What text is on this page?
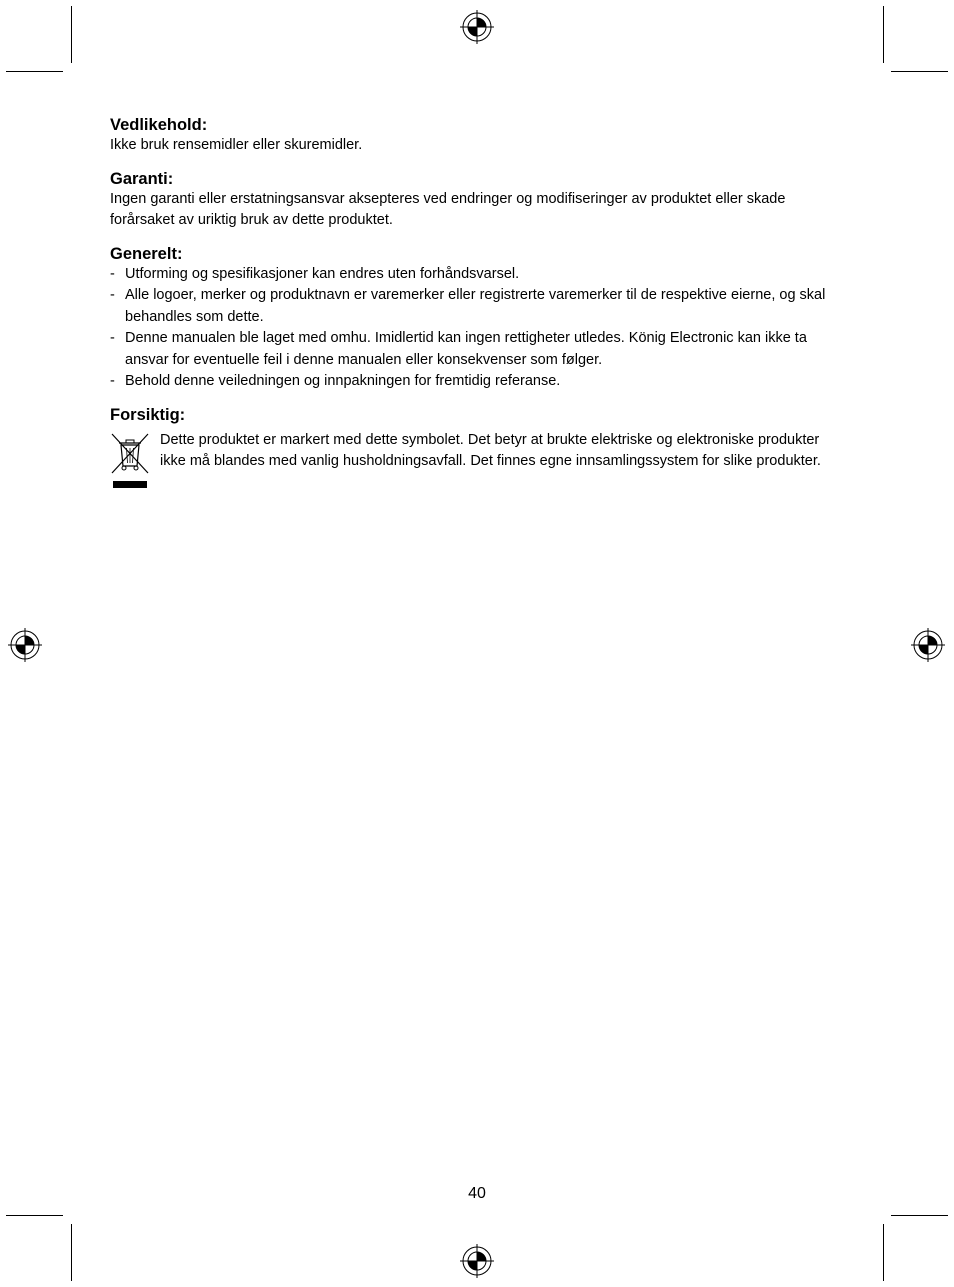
Vedlikehold:

Ikke bruk rensemidler eller skuremidler.

Garanti:

Ingen garanti eller erstatningsansvar aksepteres ved endringer og modifiseringer av produktet eller skade forårsaket av uriktig bruk av dette produktet.

Generelt:
- Utforming og spesifikasjoner kan endres uten forhåndsvarsel.
- Alle logoer, merker og produktnavn er varemerker eller registrerte varemerker til de respektive eierne, og skal behandles som dette.
- Denne manualen ble laget med omhu. Imidlertid kan ingen rettigheter utledes. König Electronic kan ikke ta ansvar for eventuelle feil i denne manualen eller konsekvenser som følger.
- Behold denne veiledningen og innpakningen for fremtidig referanse.
Forsiktig:

Dette produktet er markert med dette symbolet. Det betyr at brukte elektriske og elektroniske produkter ikke må blandes med vanlig husholdningsavfall. Det finnes egne innsamlingssystem for slike produkter.

40
